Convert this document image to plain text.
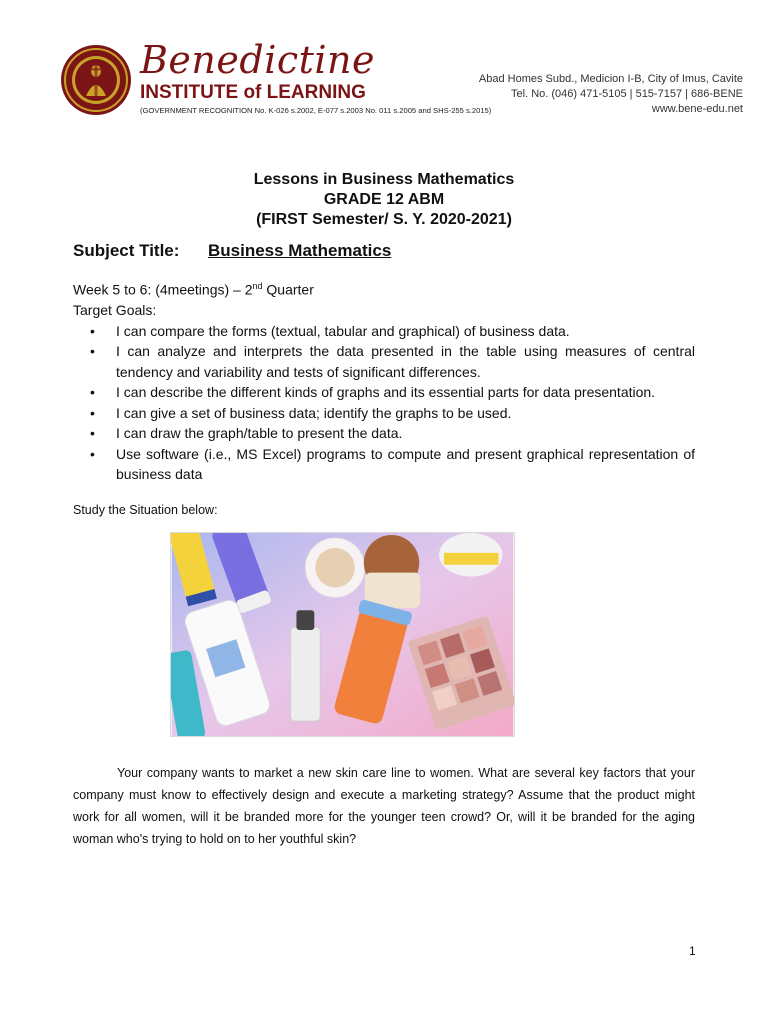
Benedictine
INSTITUTE of LEARNING
(GOVERNMENT RECOGNITION No. K-026 s.2002, E-077 s.2003 No. 011 s.2005 and SHS-255 s.2015)
Abad Homes Subd., Medicion I-B, City of Imus, Cavite
Tel. No. (046) 471-5105 | 515-7157 | 686-BENE
www.bene-edu.net
Lessons in Business Mathematics
GRADE 12 ABM
(FIRST Semester/ S. Y. 2020-2021)
Subject Title: Business Mathematics
Week 5 to 6: (4meetings) – 2nd Quarter
Target Goals:
• I can compare the forms (textual, tabular and graphical) of business data.
• I can analyze and interprets the data presented in the table using measures of central tendency and variability and tests of significant differences.
• I can describe the different kinds of graphs and its essential parts for data presentation.
• I can give a set of business data; identify the graphs to be used.
• I can draw the graph/table to present the data.
• Use software (i.e., MS Excel) programs to compute and present graphical representation of business data
Study the Situation below:

Your company wants to market a new skin care line to women. What are several key factors that your company must know to effectively design and execute a marketing strategy? Assume that the product might work for all women, will it be branded more for the younger teen crowd? Or, will it be branded for the aging woman who's trying to hold on to her youthful skin?

1
